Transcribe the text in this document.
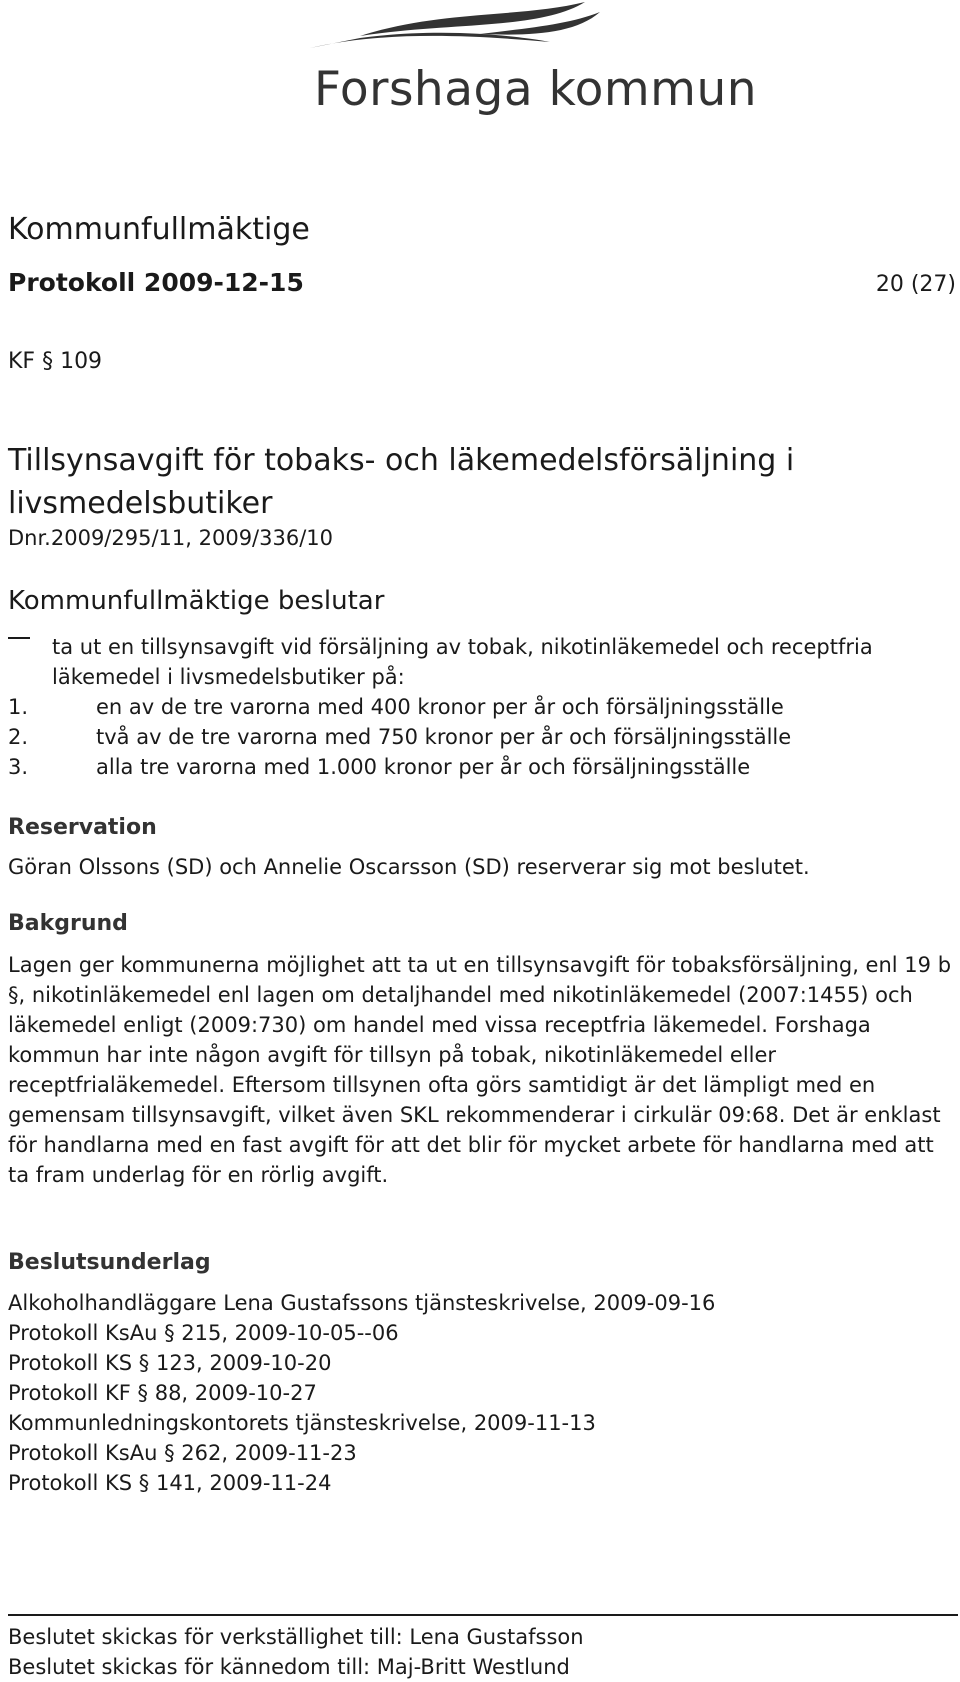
Forshaga kommun
Kommunfullmäktige
Protokoll 2009-12-15	20 (27)
KF § 109
Tillsynsavgift för tobaks- och läkemedelsförsäljning i livsmedelsbutiker
Dnr.2009/295/11, 2009/336/10
Kommunfullmäktige beslutar
ta ut en tillsynsavgift vid försäljning av tobak, nikotinläkemedel och receptfria läkemedel i livsmedelsbutiker på:
1.	en av de tre varorna med 400 kronor per år och försäljningsställe
2.	två av de tre varorna med 750 kronor per år och försäljningsställe
3.	alla tre varorna med 1.000 kronor per år och försäljningsställe
Reservation
Göran Olssons (SD) och Annelie Oscarsson (SD) reserverar sig mot beslutet.
Bakgrund
Lagen ger kommunerna möjlighet att ta ut en tillsynsavgift för tobaksförsäljning, enl 19 b §, nikotinläkemedel enl lagen om detaljhandel med nikotinläkemedel (2007:1455) och läkemedel enligt (2009:730) om handel med vissa receptfria läkemedel. Forshaga kommun har inte någon avgift för tillsyn på tobak, nikotinläkemedel eller receptfrialäkemedel. Eftersom tillsynen ofta görs samtidigt är det lämpligt med en gemensam tillsynsavgift, vilket även SKL rekommenderar i cirkulär 09:68. Det är enklast för handlarna med en fast avgift för att det blir för mycket arbete för handlarna med att ta fram underlag för en rörlig avgift.
Beslutsunderlag
Alkoholhandläggare Lena Gustafssons tjänsteskrivelse, 2009-09-16
Protokoll KsAu § 215, 2009-10-05--06
Protokoll KS § 123, 2009-10-20
Protokoll KF § 88, 2009-10-27
Kommunledningskontorets tjänsteskrivelse, 2009-11-13
Protokoll KsAu § 262, 2009-11-23
Protokoll KS § 141, 2009-11-24
Beslutet skickas för verkställighet till: Lena Gustafsson
Beslutet skickas för kännedom till: Maj-Britt Westlund
